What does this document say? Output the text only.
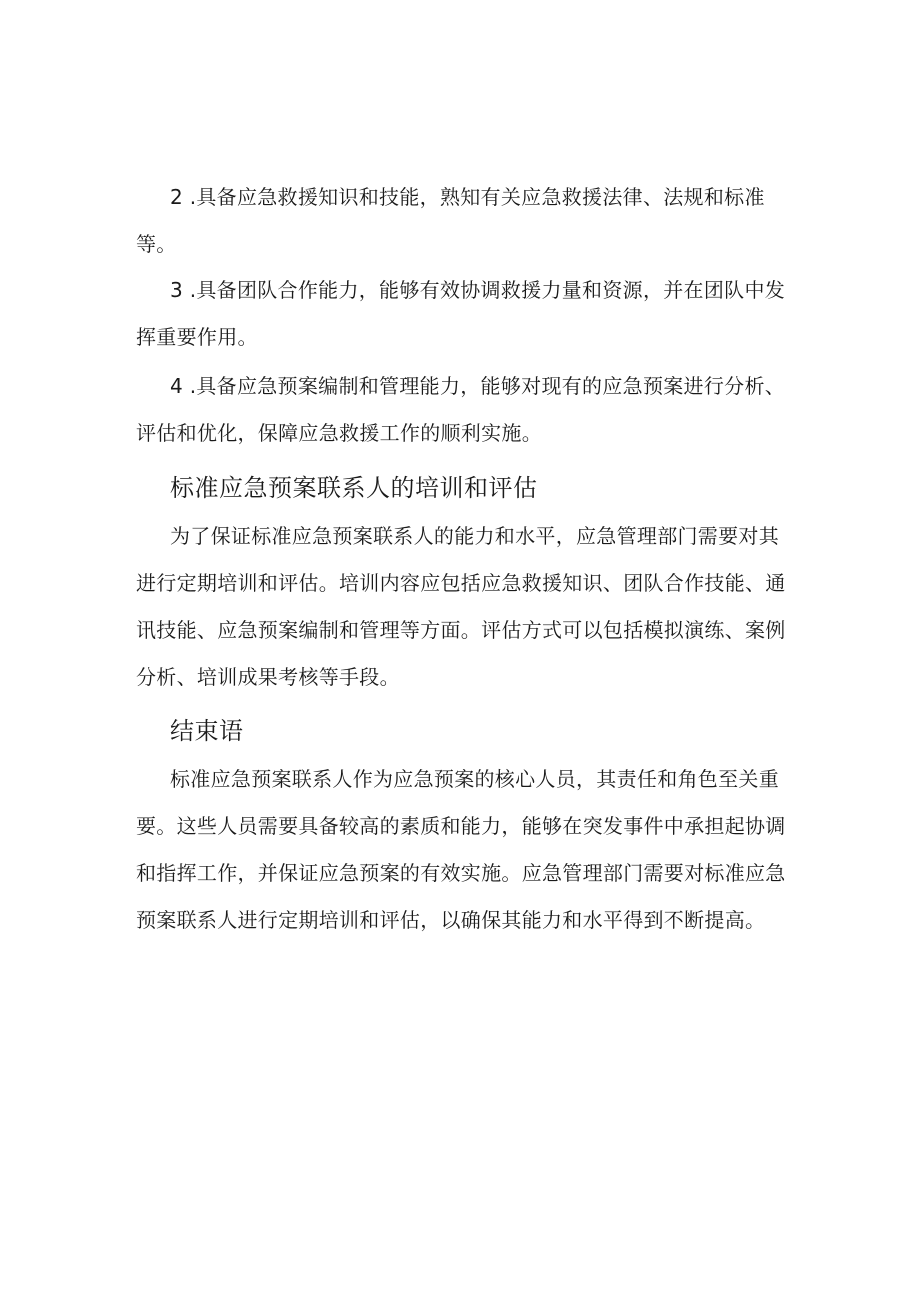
2 .具备应急救援知识和技能，熟知有关应急救援法律、法规和标准等。

3 .具备团队合作能力，能够有效协调救援力量和资源，并在团队中发挥重要作用。

4 .具备应急预案编制和管理能力，能够对现有的应急预案进行分析、评估和优化，保障应急救援工作的顺利实施。

标准应急预案联系人的培训和评估

为了保证标准应急预案联系人的能力和水平，应急管理部门需要对其进行定期培训和评估。培训内容应包括应急救援知识、团队合作技能、通讯技能、应急预案编制和管理等方面。评估方式可以包括模拟演练、案例分析、培训成果考核等手段。

结束语

标准应急预案联系人作为应急预案的核心人员，其责任和角色至关重要。这些人员需要具备较高的素质和能力，能够在突发事件中承担起协调和指挥工作，并保证应急预案的有效实施。应急管理部门需要对标准应急预案联系人进行定期培训和评估，以确保其能力和水平得到不断提高。
